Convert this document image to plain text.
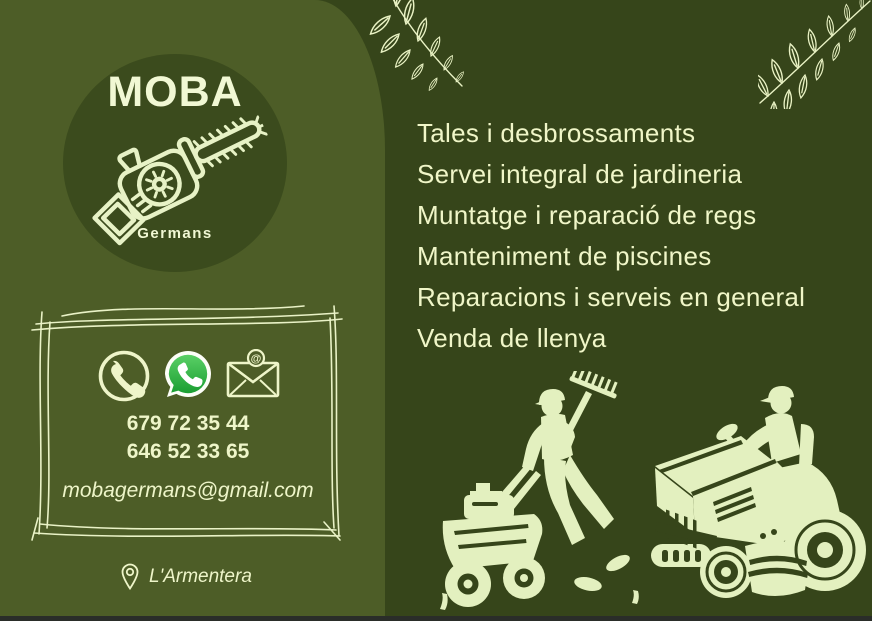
MOBA
Germans
Tales i desbrossaments
Servei integral de jardineria
Muntatge i reparació de regs
Manteniment de piscines
Reparacions i serveis en general
Venda de llenya
@
679 72 35 44
646 52 33 65
mobagermans@gmail.com
L'Armentera
